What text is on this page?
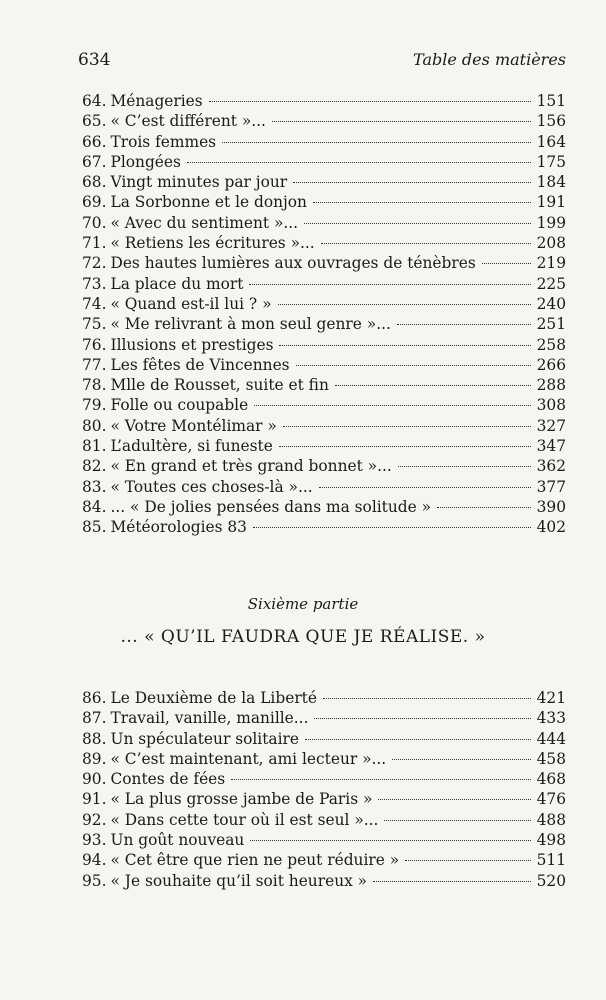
634	Table des matières
64. Ménageries	151
65. « C’est différent »...	156
66. Trois femmes	164
67. Plongées	175
68. Vingt minutes par jour	184
69. La Sorbonne et le donjon	191
70. « Avec du sentiment »...	199
71. « Retiens les écritures »...	208
72. Des hautes lumières aux ouvrages de ténèbres	219
73. La place du mort	225
74. « Quand est-il lui ? »	240
75. « Me relivrant à mon seul genre »...	251
76. Illusions et prestiges	258
77. Les fêtes de Vincennes	266
78. Mlle de Rousset, suite et fin	288
79. Folle ou coupable	308
80. « Votre Montélimar »	327
81. L’adultère, si funeste	347
82. « En grand et très grand bonnet »...	362
83. « Toutes ces choses-là »...	377
84. ... « De jolies pensées dans ma solitude »	390
85. Météorologies 83	402
Sixième partie
... « QU’IL FAUDRA QUE JE RÉALISE. »
86. Le Deuxième de la Liberté	421
87. Travail, vanille, manille...	433
88. Un spéculateur solitaire	444
89. « C’est maintenant, ami lecteur »...	458
90. Contes de fées	468
91. « La plus grosse jambe de Paris »	476
92. « Dans cette tour où il est seul »...	488
93. Un goût nouveau	498
94. « Cet être que rien ne peut réduire »	511
95. « Je souhaite qu’il soit heureux »	520
